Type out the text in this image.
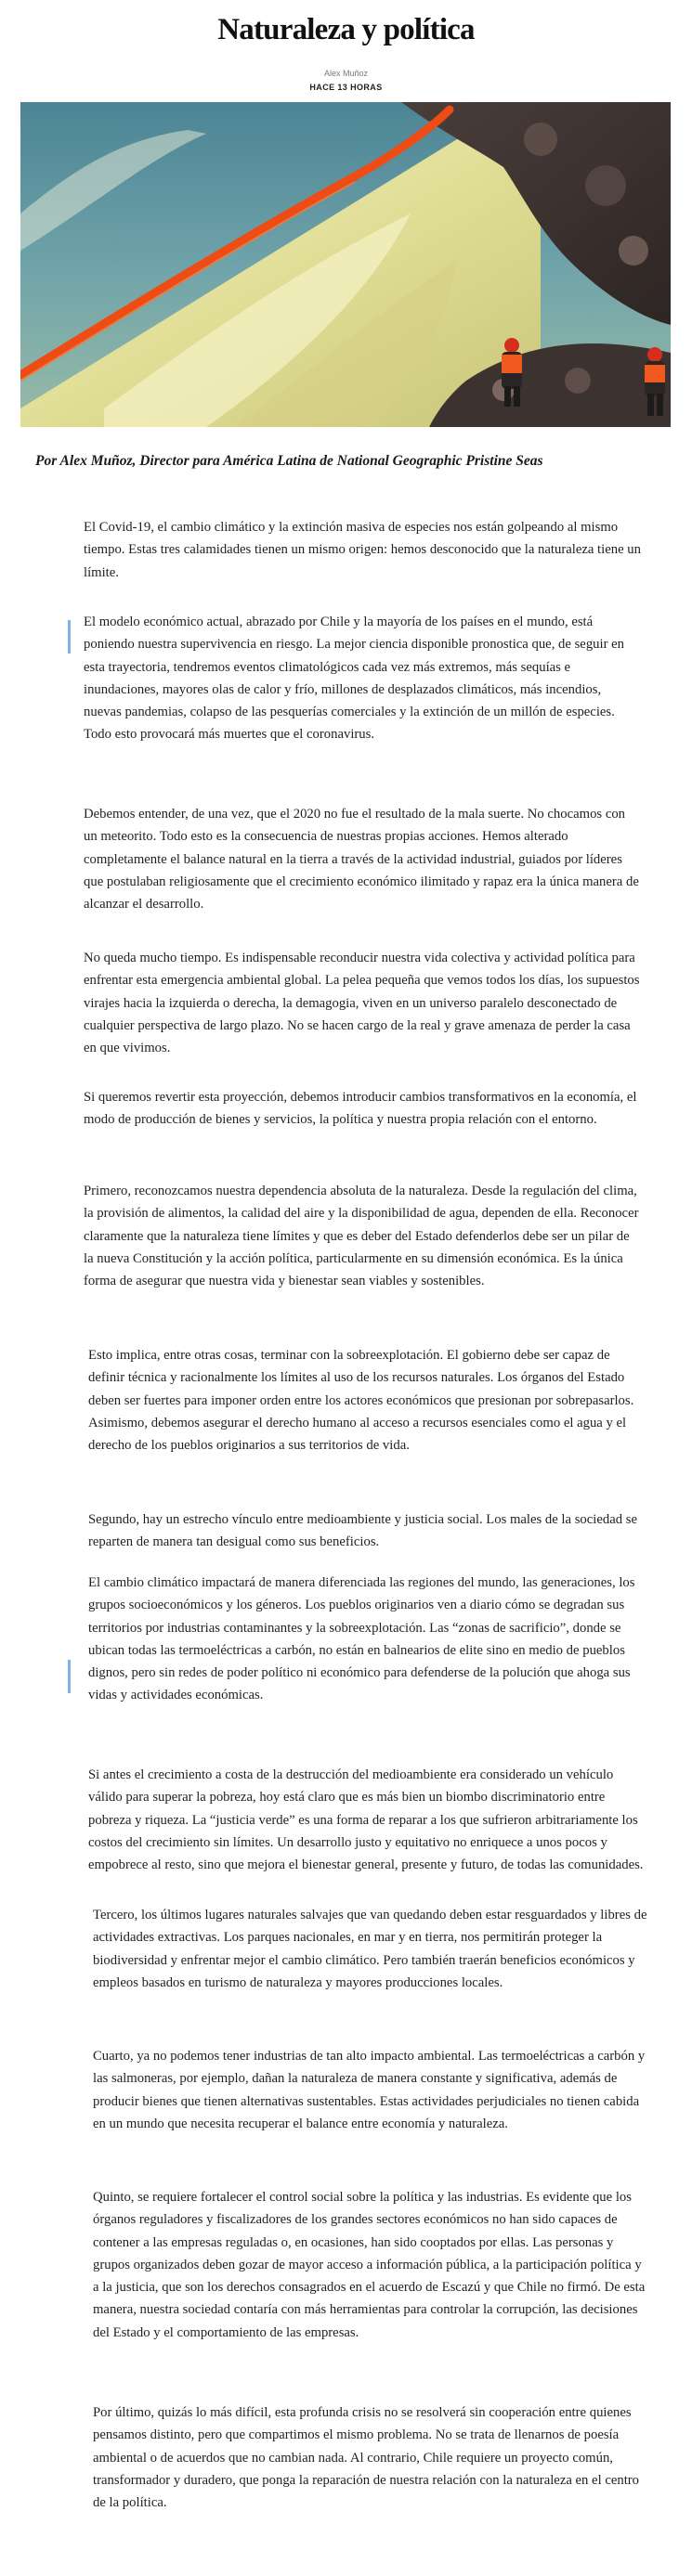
Naturaleza y política
Alex Muñoz
HACE 13 HORAS

Por Alex Muñoz, Director para América Latina de National Geographic Pristine Seas

El Covid-19, el cambio climático y la extinción masiva de especies nos están golpeando al mismo tiempo. Estas tres calamidades tienen un mismo origen: hemos desconocido que la naturaleza tiene un límite.

El modelo económico actual, abrazado por Chile y la mayoría de los países en el mundo, está poniendo nuestra supervivencia en riesgo. La mejor ciencia disponible pronostica que, de seguir en esta trayectoria, tendremos eventos climatológicos cada vez más extremos, más sequías e inundaciones, mayores olas de calor y frío, millones de desplazados climáticos, más incendios, nuevas pandemias, colapso de las pesquerías comerciales y la extinción de un millón de especies. Todo esto provocará más muertes que el coronavirus.

Debemos entender, de una vez, que el 2020 no fue el resultado de la mala suerte. No chocamos con un meteorito. Todo esto es la consecuencia de nuestras propias acciones. Hemos alterado completamente el balance natural en la tierra a través de la actividad industrial, guiados por líderes que postulaban religiosamente que el crecimiento económico ilimitado y rapaz era la única manera de alcanzar el desarrollo.

No queda mucho tiempo. Es indispensable reconducir nuestra vida colectiva y actividad política para enfrentar esta emergencia ambiental global. La pelea pequeña que vemos todos los días, los supuestos virajes hacia la izquierda o derecha, la demagogia, viven en un universo paralelo desconectado de cualquier perspectiva de largo plazo. No se hacen cargo de la real y grave amenaza de perder la casa en que vivimos.

Si queremos revertir esta proyección, debemos introducir cambios transformativos en la economía, el modo de producción de bienes y servicios, la política y nuestra propia relación con el entorno.

Primero, reconozcamos nuestra dependencia absoluta de la naturaleza. Desde la regulación del clima, la provisión de alimentos, la calidad del aire y la disponibilidad de agua, dependen de ella. Reconocer claramente que la naturaleza tiene límites y que es deber del Estado defenderlos debe ser un pilar de la nueva Constitución y la acción política, particularmente en su dimensión económica. Es la única forma de asegurar que nuestra vida y bienestar sean viables y sostenibles.

Esto implica, entre otras cosas, terminar con la sobreexplotación. El gobierno debe ser capaz de definir técnica y racionalmente los límites al uso de los recursos naturales. Los órganos del Estado deben ser fuertes para imponer orden entre los actores económicos que presionan por sobrepasarlos. Asimismo, debemos asegurar el derecho humano al acceso a recursos esenciales como el agua y el derecho de los pueblos originarios a sus territorios de vida.

Segundo, hay un estrecho vínculo entre medioambiente y justicia social. Los males de la sociedad se reparten de manera tan desigual como sus beneficios.

El cambio climático impactará de manera diferenciada las regiones del mundo, las generaciones, los grupos socioeconómicos y los géneros. Los pueblos originarios ven a diario cómo se degradan sus territorios por industrias contaminantes y la sobreexplotación. Las “zonas de sacrificio”, donde se ubican todas las termoeléctricas a carbón, no están en balnearios de elite sino en medio de pueblos dignos, pero sin redes de poder político ni económico para defenderse de la polución que ahoga sus vidas y actividades económicas.

Si antes el crecimiento a costa de la destrucción del medioambiente era considerado un vehículo válido para superar la pobreza, hoy está claro que es más bien un biombo discriminatorio entre pobreza y riqueza. La “justicia verde” es una forma de reparar a los que sufrieron arbitrariamente los costos del crecimiento sin límites. Un desarrollo justo y equitativo no enriquece a unos pocos y empobrece al resto, sino que mejora el bienestar general, presente y futuro, de todas las comunidades.

Tercero, los últimos lugares naturales salvajes que van quedando deben estar resguardados y libres de actividades extractivas. Los parques nacionales, en mar y en tierra, nos permitirán proteger la biodiversidad y enfrentar mejor el cambio climático. Pero también traerán beneficios económicos y empleos basados en turismo de naturaleza y mayores producciones locales.

Cuarto, ya no podemos tener industrias de tan alto impacto ambiental. Las termoeléctricas a carbón y las salmoneras, por ejemplo, dañan la naturaleza de manera constante y significativa, además de producir bienes que tienen alternativas sustentables. Estas actividades perjudiciales no tienen cabida en un mundo que necesita recuperar el balance entre economía y naturaleza.

Quinto, se requiere fortalecer el control social sobre la política y las industrias. Es evidente que los órganos reguladores y fiscalizadores de los grandes sectores económicos no han sido capaces de contener a las empresas reguladas o, en ocasiones, han sido cooptados por ellas. Las personas y grupos organizados deben gozar de mayor acceso a información pública, a la participación política y a la justicia, que son los derechos consagrados en el acuerdo de Escazú y que Chile no firmó. De esta manera, nuestra sociedad contaría con más herramientas para controlar la corrupción, las decisiones del Estado y el comportamiento de las empresas.

Por último, quizás lo más difícil, esta profunda crisis no se resolverá sin cooperación entre quienes pensamos distinto, pero que compartimos el mismo problema. No se trata de llenarnos de poesía ambiental o de acuerdos que no cambian nada. Al contrario, Chile requiere un proyecto común, transformador y duradero, que ponga la reparación de nuestra relación con la naturaleza en el centro de la política.
